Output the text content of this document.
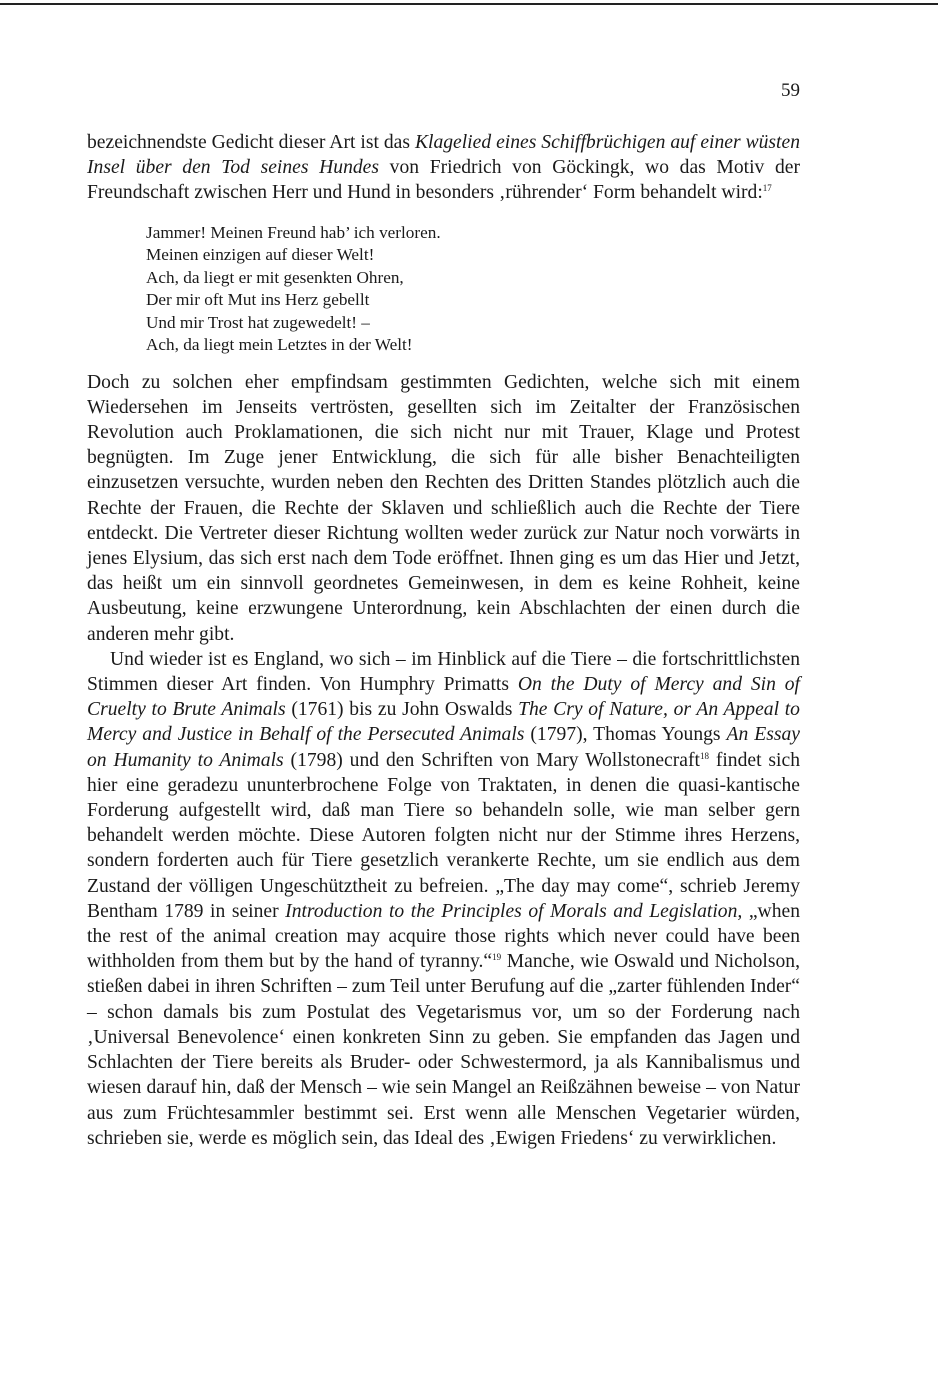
59

bezeichnendste Gedicht dieser Art ist das Klagelied eines Schiffbrüchigen auf einer wüsten Insel über den Tod seines Hundes von Friedrich von Göckingk, wo das Motiv der Freundschaft zwischen Herr und Hund in besonders ‚rührender‘ Form behandelt wird:$^{17}$

Jammer! Meinen Freund hab’ ich verloren.
Meinen einzigen auf dieser Welt!
Ach, da liegt er mit gesenkten Ohren,
Der mir oft Mut ins Herz gebellt
Und mir Trost hat zugewedelt! –
Ach, da liegt mein Letztes in der Welt!

Doch zu solchen eher empfindsam gestimmten Gedichten, welche sich mit einem Wiedersehen im Jenseits vertrösten, gesellten sich im Zeitalter der Französischen Revolution auch Proklamationen, die sich nicht nur mit Trauer, Klage und Protest begnügten. Im Zuge jener Entwicklung, die sich für alle bisher Benachteiligten einzusetzen versuchte, wurden neben den Rechten des Dritten Standes plötzlich auch die Rechte der Frauen, die Rechte der Sklaven und schließlich auch die Rechte der Tiere entdeckt. Die Vertreter dieser Richtung wollten weder zurück zur Natur noch vorwärts in jenes Elysium, das sich erst nach dem Tode eröffnet. Ihnen ging es um das Hier und Jetzt, das heißt um ein sinnvoll geordnetes Gemeinwesen, in dem es keine Rohheit, keine Ausbeutung, keine erzwungene Unterordnung, kein Abschlachten der einen durch die anderen mehr gibt.

Und wieder ist es England, wo sich – im Hinblick auf die Tiere – die fortschrittlichsten Stimmen dieser Art finden. Von Humphry Primatts On the Duty of Mercy and Sin of Cruelty to Brute Animals (1761) bis zu John Oswalds The Cry of Nature, or An Appeal to Mercy and Justice in Behalf of the Persecuted Animals (1797), Thomas Youngs An Essay on Humanity to Animals (1798) und den Schriften von Mary Wollstonecraft$^{18}$ findet sich hier eine geradezu ununterbrochene Folge von Traktaten, in denen die quasi-kantische Forderung aufgestellt wird, daß man Tiere so behandeln solle, wie man selber gern behandelt werden möchte. Diese Autoren folgten nicht nur der Stimme ihres Herzens, sondern forderten auch für Tiere gesetzlich verankerte Rechte, um sie endlich aus dem Zustand der völligen Ungeschütztheit zu befreien. „The day may come“, schrieb Jeremy Bentham 1789 in seiner Introduction to the Principles of Morals and Legislation, „when the rest of the animal creation may acquire those rights which never could have been withholden from them but by the hand of tyranny.“$^{19}$ Manche, wie Oswald und Nicholson, stießen dabei in ihren Schriften – zum Teil unter Berufung auf die „zarter fühlenden Inder“ – schon damals bis zum Postulat des Vegetarismus vor, um so der Forderung nach ‚Universal Benevolence‘ einen konkreten Sinn zu geben. Sie empfanden das Jagen und Schlachten der Tiere bereits als Bruder- oder Schwestermord, ja als Kannibalismus und wiesen darauf hin, daß der Mensch – wie sein Mangel an Reißzähnen beweise – von Natur aus zum Früchtesammler bestimmt sei. Erst wenn alle Menschen Vegetarier würden, schrieben sie, werde es möglich sein, das Ideal des ‚Ewigen Friedens‘ zu verwirklichen.
